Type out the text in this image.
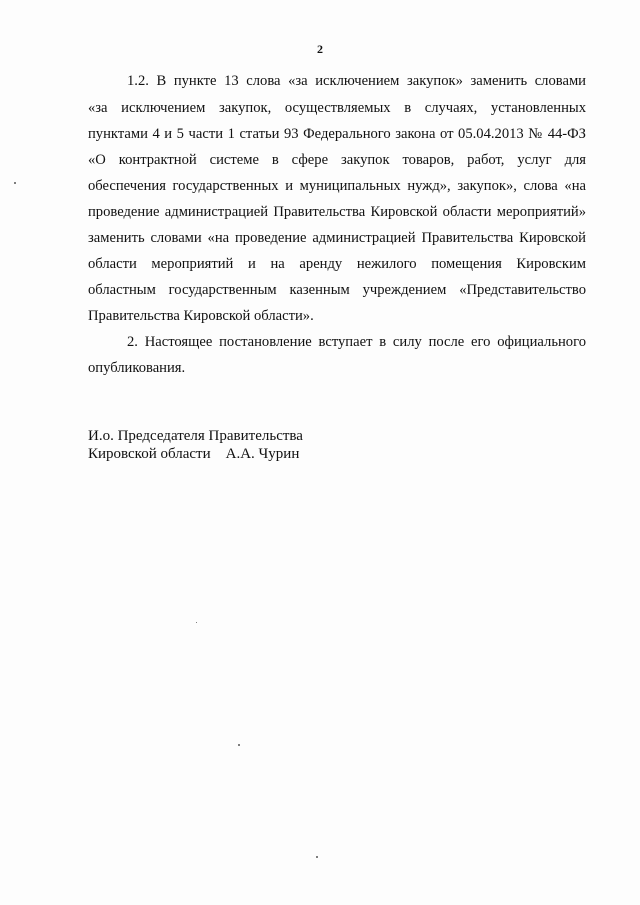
2
1.2. В пункте 13 слова «за исключением закупок» заменить словами
«за исключением закупок, осуществляемых в случаях, установленных
пунктами 4 и 5 части 1 статьи 93 Федерального закона от 05.04.2013 № 44-ФЗ
«О контрактной системе в сфере закупок товаров, работ, услуг для
обеспечения государственных и муниципальных нужд», закупок», слова «на
проведение администрацией Правительства Кировской области мероприятий»
заменить словами «на проведение администрацией Правительства Кировской
области мероприятий и на аренду нежилого помещения Кировским
областным государственным казенным учреждением «Представительство
Правительства Кировской области».
2. Настоящее постановление вступает в силу после его официального
опубликования.
И.о. Председателя Правительства
Кировской области    А.А. Чурин
